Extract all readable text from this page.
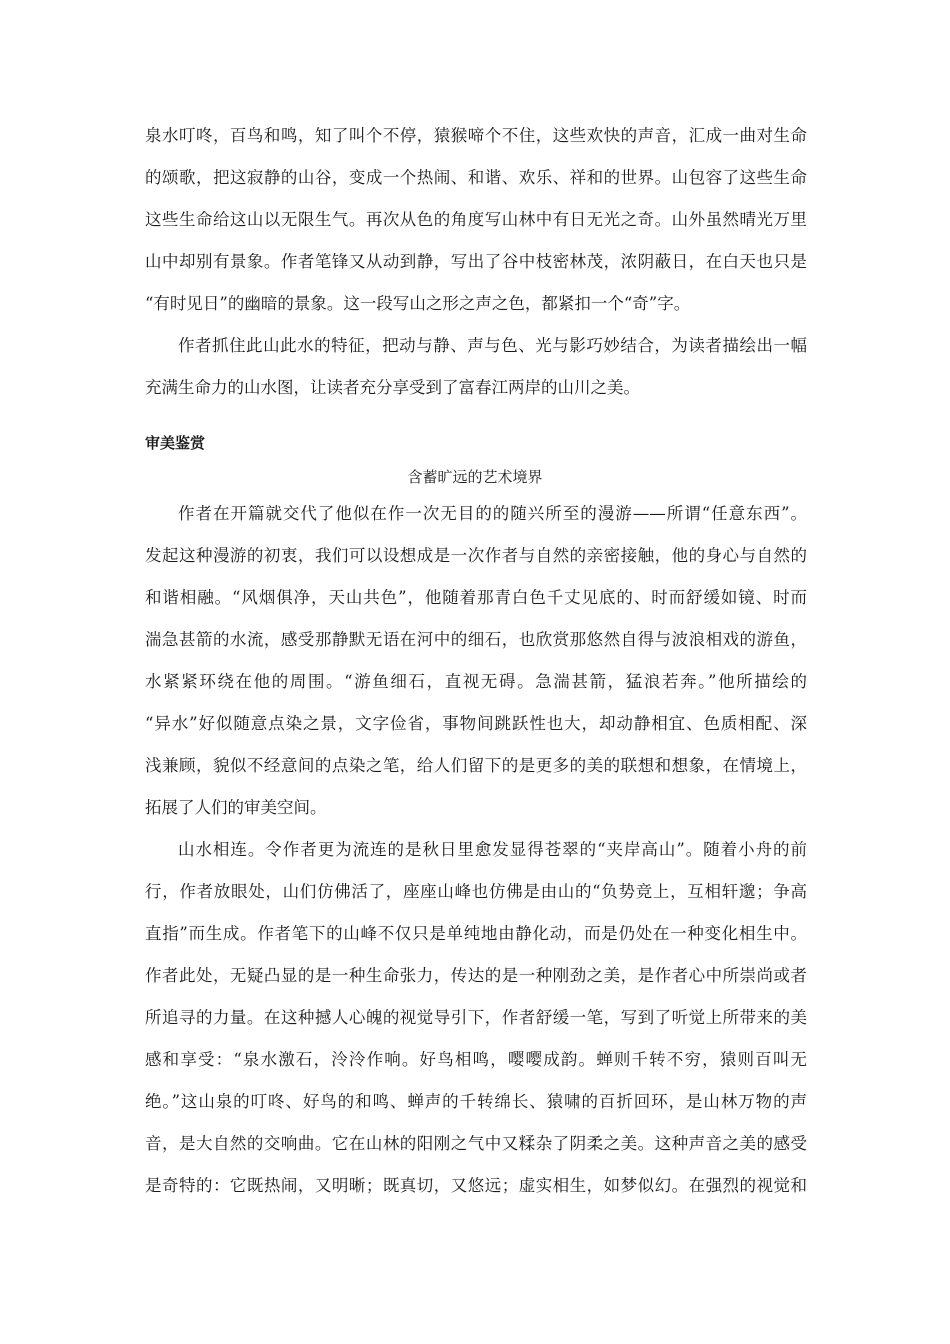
泉水叮咚，百鸟和鸣，知了叫个不停，猿猴啼个不住，这些欢快的声音，汇成一曲对生命
的颂歌，把这寂静的山谷，变成一个热闹、和谐、欢乐、祥和的世界。山包容了这些生命
这些生命给这山以无限生气。再次从色的角度写山林中有日无光之奇。山外虽然晴光万里
山中却别有景象。作者笔锋又从动到静，写出了谷中枝密林茂，浓阴蔽日，在白天也只是
“有时见日”的幽暗的景象。这一段写山之形之声之色，都紧扣一个“奇”字。
作者抓住此山此水的特征，把动与静、声与色、光与影巧妙结合，为读者描绘出一幅
充满生命力的山水图，让读者充分享受到了富春江两岸的山川之美。
审美鉴赏
含蓄旷远的艺术境界
作者在开篇就交代了他似在作一次无目的的随兴所至的漫游——所谓“任意东西”。
发起这种漫游的初衷，我们可以设想成是一次作者与自然的亲密接触，他的身心与自然的
和谐相融。“风烟俱净，天山共色”，他随着那青白色千丈见底的、时而舒缓如镜、时而
湍急甚箭的水流，感受那静默无语在河中的细石，也欣赏那悠然自得与波浪相戏的游鱼，
水紧紧环绕在他的周围。“游鱼细石，直视无碍。急湍甚箭，猛浪若奔。”他所描绘的
“异水”好似随意点染之景，文字俭省，事物间跳跃性也大，却动静相宜、色质相配、深
浅兼顾，貌似不经意间的点染之笔，给人们留下的是更多的美的联想和想象，在情境上，
拓展了人们的审美空间。
山水相连。令作者更为流连的是秋日里愈发显得苍翠的“夹岸高山”。随着小舟的前
行，作者放眼处，山们仿佛活了，座座山峰也仿佛是由山的“负势竞上，互相轩邈；争高
直指”而生成。作者笔下的山峰不仅只是单纯地由静化动，而是仍处在一种变化相生中。
作者此处，无疑凸显的是一种生命张力，传达的是一种刚劲之美，是作者心中所崇尚或者
所追寻的力量。在这种撼人心魄的视觉导引下，作者舒缓一笔，写到了听觉上所带来的美
感和享受：“泉水激石，泠泠作响。好鸟相鸣，嘤嘤成韵。蝉则千转不穷，猿则百叫无
绝。”这山泉的叮咚、好鸟的和鸣、蝉声的千转绵长、猿啸的百折回环，是山林万物的声
音，是大自然的交响曲。它在山林的阳刚之气中又糅杂了阴柔之美。这种声音之美的感受
是奇特的：它既热闹，又明晰；既真切，又悠远；虚实相生，如梦似幻。在强烈的视觉和
